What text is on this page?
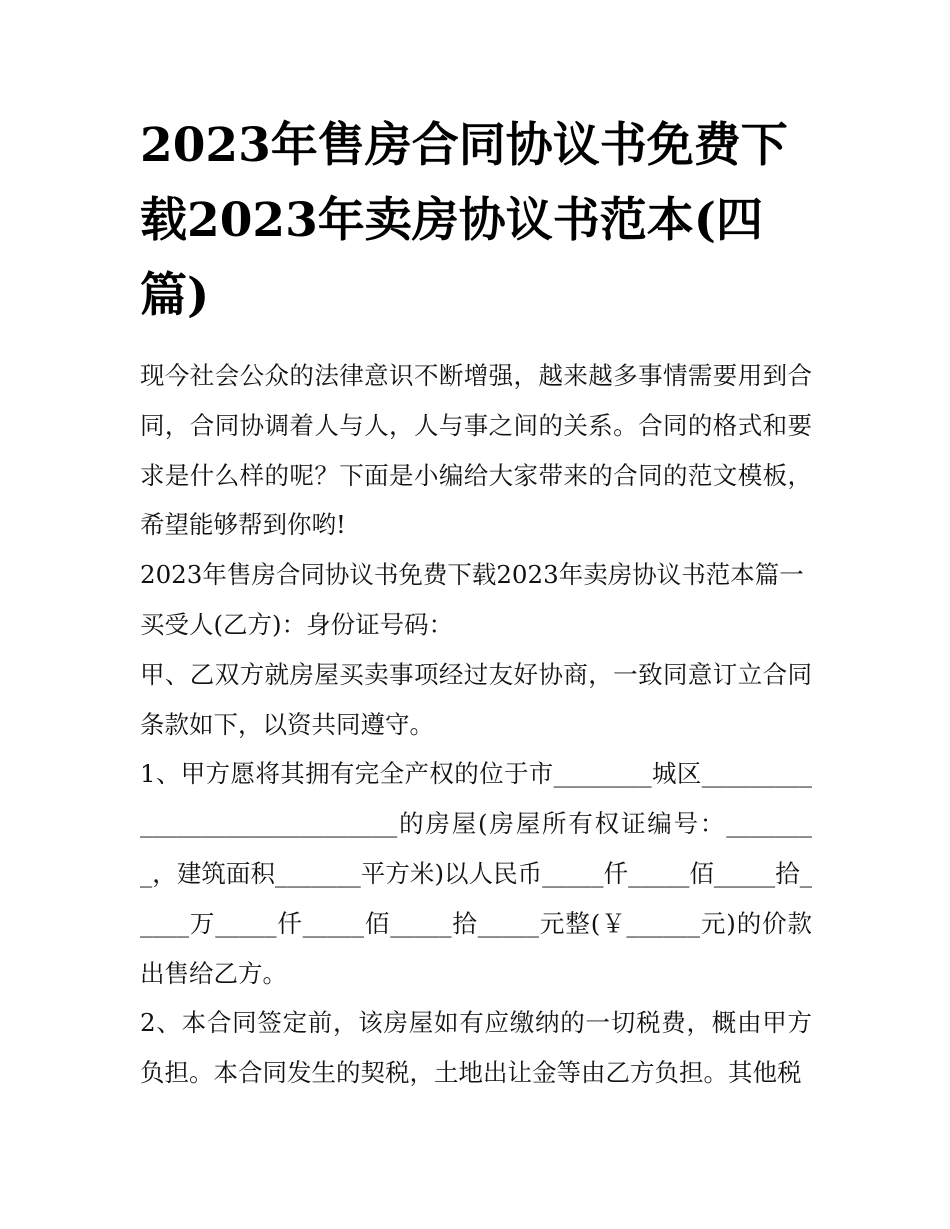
2023年售房合同协议书免费下载2023年卖房协议书范本(四篇)

现今社会公众的法律意识不断增强，越来越多事情需要用到合同，合同协调着人与人，人与事之间的关系。合同的格式和要求是什么样的呢？下面是小编给大家带来的合同的范文模板，希望能够帮到你哟!

2023年售房合同协议书免费下载2023年卖房协议书范本篇一

买受人(乙方)：身份证号码：

甲、乙双方就房屋买卖事项经过友好协商，一致同意订立合同条款如下，以资共同遵守。

1、甲方愿将其拥有完全产权的位于市________城区______________________________的房屋(房屋所有权证编号：________，建筑面积_______平方米)以人民币_____仟_____佰_____拾_____万_____仟_____佰_____拾_____元整(￥______元)的价款出售给乙方。

2、本合同签定前，该房屋如有应缴纳的一切税费，概由甲方负担。本合同发生的契税，土地出让金等由乙方负担。其他税
